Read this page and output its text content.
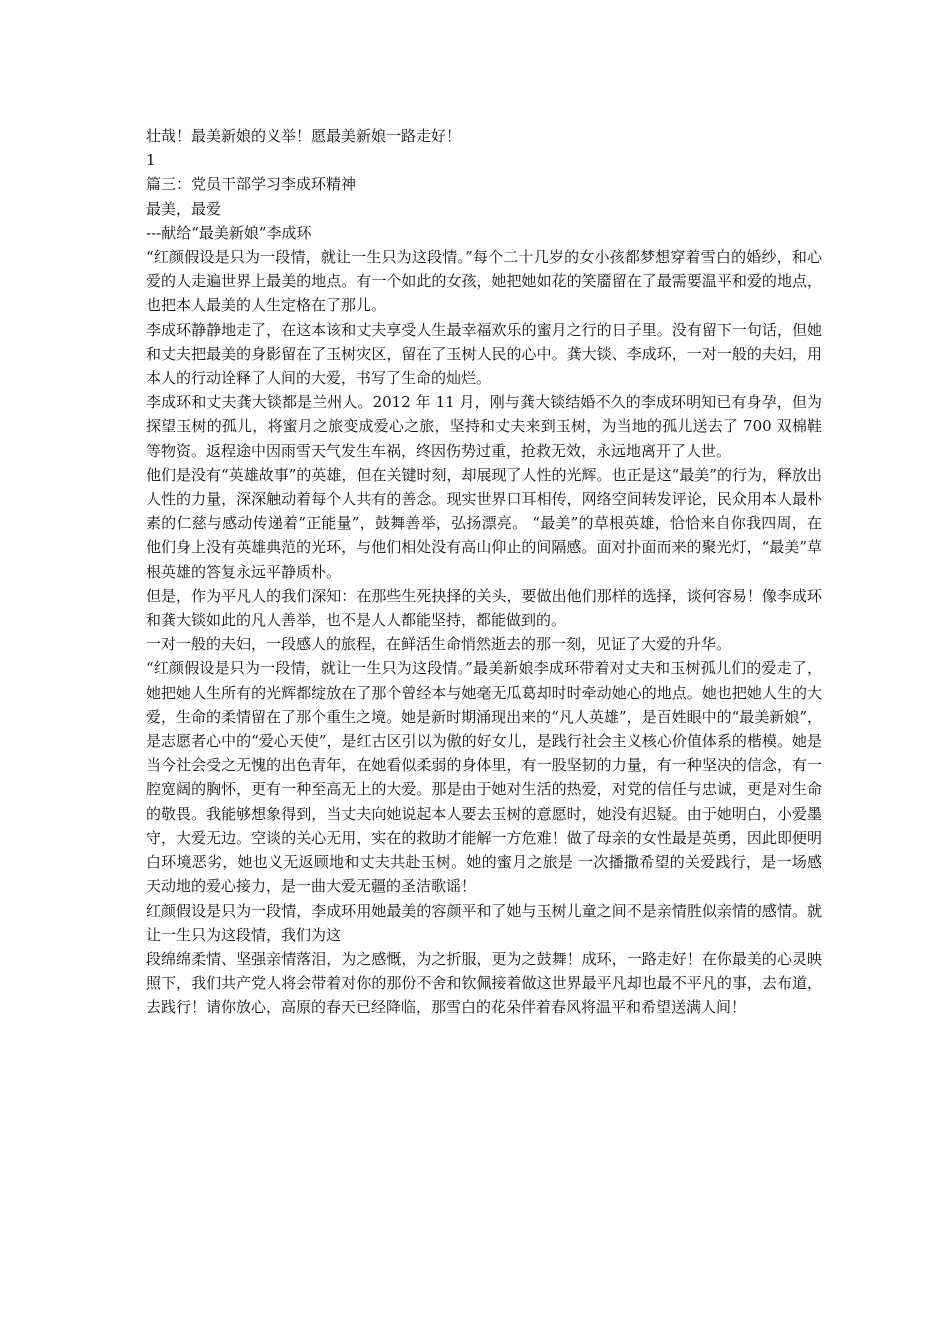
壮哉！最美新娘的义举！愿最美新娘一路走好！

1

篇三：党员干部学习李成环精神

最美，最爱

---献给“最美新娘”李成环

“红颜假设是只为一段情，就让一生只为这段情。”每个二十几岁的女小孩都梦想穿着雪白的婚纱，和心爱的人走遍世界上最美的地点。有一个如此的女孩，她把她如花的笑靥留在了最需要温平和爱的地点，也把本人最美的人生定格在了那儿。

李成环静静地走了，在这本该和丈夫享受人生最幸福欢乐的蜜月之行的日子里。没有留下一句话，但她和丈夫把最美的身影留在了玉树灾区，留在了玉树人民的心中。龚大锬、李成环，一对一般的夫妇，用本人的行动诠释了人间的大爱，书写了生命的灿烂。

李成环和丈夫龚大锬都是兰州人。2012 年 11 月，刚与龚大锬结婚不久的李成环明知已有身孕，但为探望玉树的孤儿，将蜜月之旅变成爱心之旅，坚持和丈夫来到玉树，为当地的孤儿送去了 700 双棉鞋等物资。返程途中因雨雪天气发生车祸，终因伤势过重，抢救无效，永远地离开了人世。

他们是没有“英雄故事”的英雄，但在关键时刻，却展现了人性的光辉。也正是这“最美”的行为，释放出人性的力量，深深触动着每个人共有的善念。现实世界口耳相传，网络空间转发评论，民众用本人最朴素的仁慈与感动传递着“正能量”，鼓舞善举，弘扬漂亮。 “最美”的草根英雄，恰恰来自你我四周，在他们身上没有英雄典范的光环，与他们相处没有高山仰止的间隔感。面对扑面而来的聚光灯，“最美”草根英雄的答复永远平静质朴。

但是，作为平凡人的我们深知：在那些生死抉择的关头，要做出他们那样的选择，谈何容易！像李成环和龚大锬如此的凡人善举，也不是人人都能坚持，都能做到的。

一对一般的夫妇，一段感人的旅程，在鲜活生命悄然逝去的那一刻，见证了大爱的升华。

“红颜假设是只为一段情，就让一生只为这段情。”最美新娘李成环带着对丈夫和玉树孤儿们的爱走了，她把她人生所有的光辉都绽放在了那个曾经本与她毫无瓜葛却时时牵动她心的地点。她也把她人生的大爱，生命的柔情留在了那个重生之境。她是新时期涌现出来的“凡人英雄”，是百姓眼中的“最美新娘”，是志愿者心中的“爱心天使”，是红古区引以为傲的好女儿，是践行社会主义核心价值体系的楷模。她是当今社会受之无愧的出色青年，在她看似柔弱的身体里，有一股坚韧的力量，有一种坚决的信念，有一腔宽阔的胸怀，更有一种至高无上的大爱。那是由于她对生活的热爱，对党的信任与忠诚，更是对生命的敬畏。我能够想象得到，当丈夫向她说起本人要去玉树的意愿时，她没有迟疑。由于她明白，小爱墨守，大爱无边。空谈的关心无用，实在的救助才能解一方危难！做了母亲的女性最是英勇，因此即便明白环境恶劣，她也义无返顾地和丈夫共赴玉树。她的蜜月之旅是 一次播撒希望的关爱践行，是一场感天动地的爱心接力，是一曲大爱无疆的圣洁歌谣！

红颜假设是只为一段情，李成环用她最美的容颜平和了她与玉树儿童之间不是亲情胜似亲情的感情。就让一生只为这段情，我们为这

段绵绵柔情、坚强亲情落泪，为之感慨，为之折服，更为之鼓舞！成环，一路走好！在你最美的心灵映照下，我们共产党人将会带着对你的那份不舍和钦佩接着做这世界最平凡却也最不平凡的事，去布道，去践行！请你放心，高原的春天已经降临，那雪白的花朵伴着春风将温平和希望送满人间！
